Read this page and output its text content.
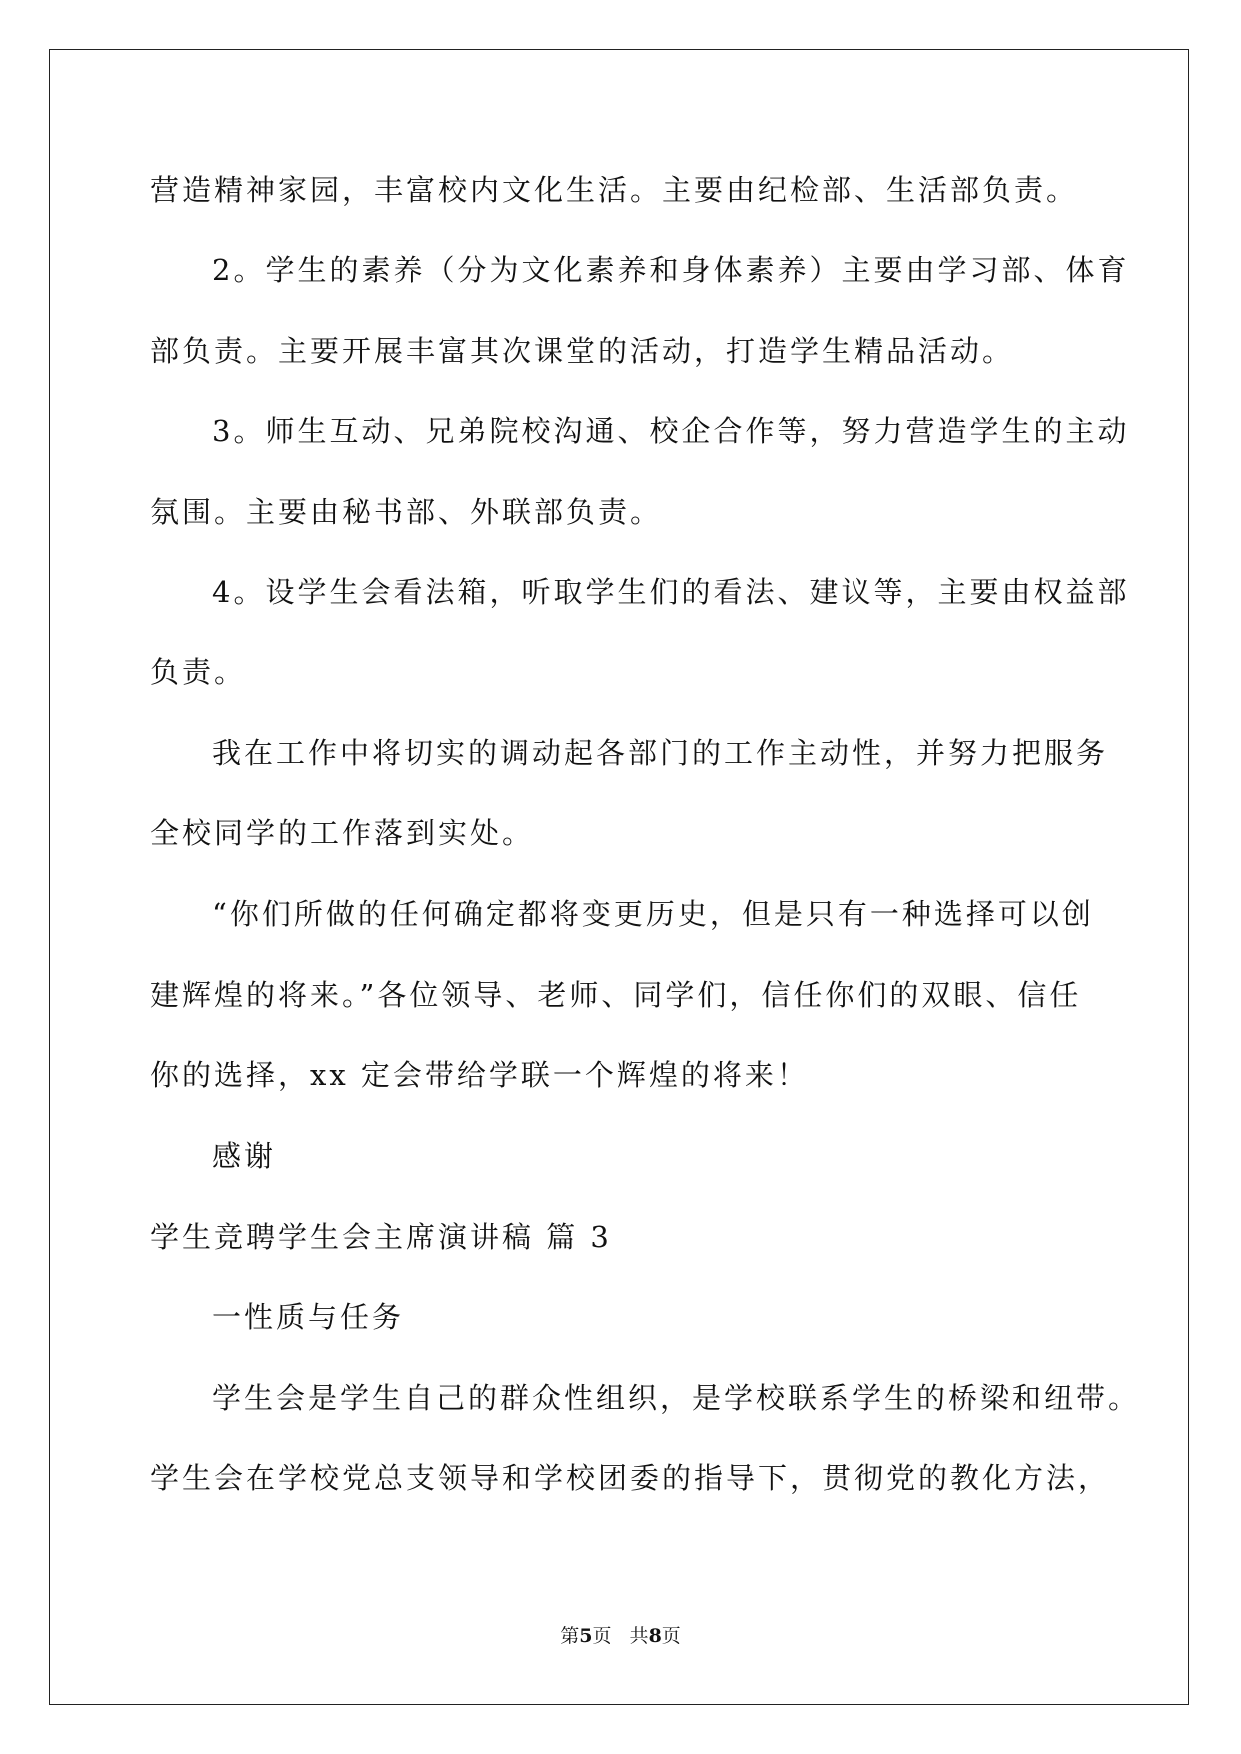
营造精神家园，丰富校内文化生活。主要由纪检部、生活部负责。
2。学生的素养（分为文化素养和身体素养）主要由学习部、体育
部负责。主要开展丰富其次课堂的活动，打造学生精品活动。
3。师生互动、兄弟院校沟通、校企合作等，努力营造学生的主动
氛围。主要由秘书部、外联部负责。
4。设学生会看法箱，听取学生们的看法、建议等，主要由权益部
负责。
我在工作中将切实的调动起各部门的工作主动性，并努力把服务
全校同学的工作落到实处。
“你们所做的任何确定都将变更历史，但是只有一种选择可以创
建辉煌的将来。”各位领导、老师、同学们，信任你们的双眼、信任
你的选择，xx 定会带给学联一个辉煌的将来！
感谢
学生竞聘学生会主席演讲稿 篇 3
一性质与任务
学生会是学生自己的群众性组织，是学校联系学生的桥梁和纽带。
学生会在学校党总支领导和学校团委的指导下，贯彻党的教化方法，
第5页   共8页
